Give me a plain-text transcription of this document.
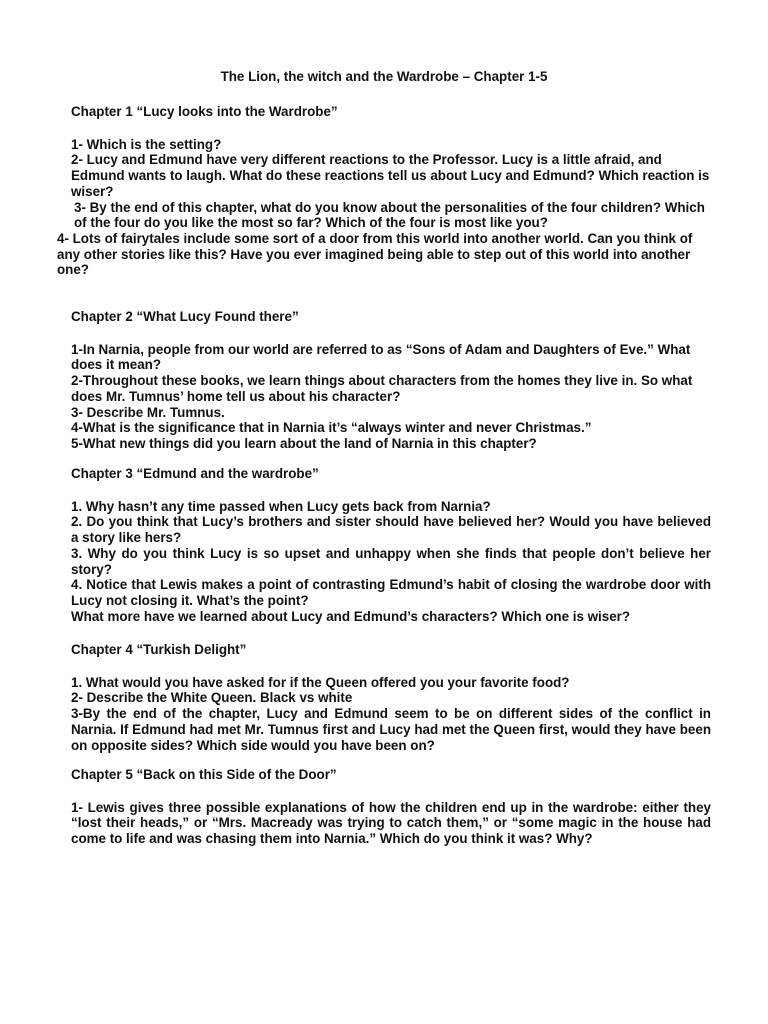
The Lion, the witch and the Wardrobe – Chapter 1-5
Chapter 1 “Lucy looks into the Wardrobe”
1- Which is the setting?
2- Lucy and Edmund have very different reactions to the Professor. Lucy is a little afraid, and Edmund wants to laugh. What do these reactions tell us about Lucy and Edmund? Which reaction is wiser?
3- By the end of this chapter, what do you know about the personalities of the four children? Which of the four do you like the most so far? Which of the four is most like you?
4- Lots of fairytales include some sort of a door from this world into another world. Can you think of any other stories like this? Have you ever imagined being able to step out of this world into another one?
Chapter 2 “What Lucy Found there”
1-In Narnia, people from our world are referred to as “Sons of Adam and Daughters of Eve.” What does it mean?
2-Throughout these books, we learn things about characters from the homes they live in. So what does Mr. Tumnus’ home tell us about his character?
3- Describe Mr. Tumnus.
4-What is the significance that in Narnia it’s “always winter and never Christmas.”
5-What new things did you learn about the land of Narnia in this chapter?
Chapter 3 “Edmund and the wardrobe”
1. Why hasn’t any time passed when Lucy gets back from Narnia?
2. Do you think that Lucy’s brothers and sister should have believed her? Would you have believed a story like hers?
3. Why do you think Lucy is so upset and unhappy when she finds that people don’t believe her story?
4. Notice that Lewis makes a point of contrasting Edmund’s habit of closing the wardrobe door with Lucy not closing it. What’s the point?
What more have we learned about Lucy and Edmund’s characters? Which one is wiser?
Chapter 4 “Turkish Delight”
1. What would you have asked for if the Queen offered you your favorite food?
2- Describe the White Queen. Black vs white
3-By the end of the chapter, Lucy and Edmund seem to be on different sides of the conflict in Narnia. If Edmund had met Mr. Tumnus first and Lucy had met the Queen first, would they have been on opposite sides? Which side would you have been on?
Chapter 5 “Back on this Side of the Door”
1- Lewis gives three possible explanations of how the children end up in the wardrobe: either they “lost their heads,” or “Mrs. Macready was trying to catch them,” or “some magic in the house had come to life and was chasing them into Narnia.” Which do you think it was? Why?
